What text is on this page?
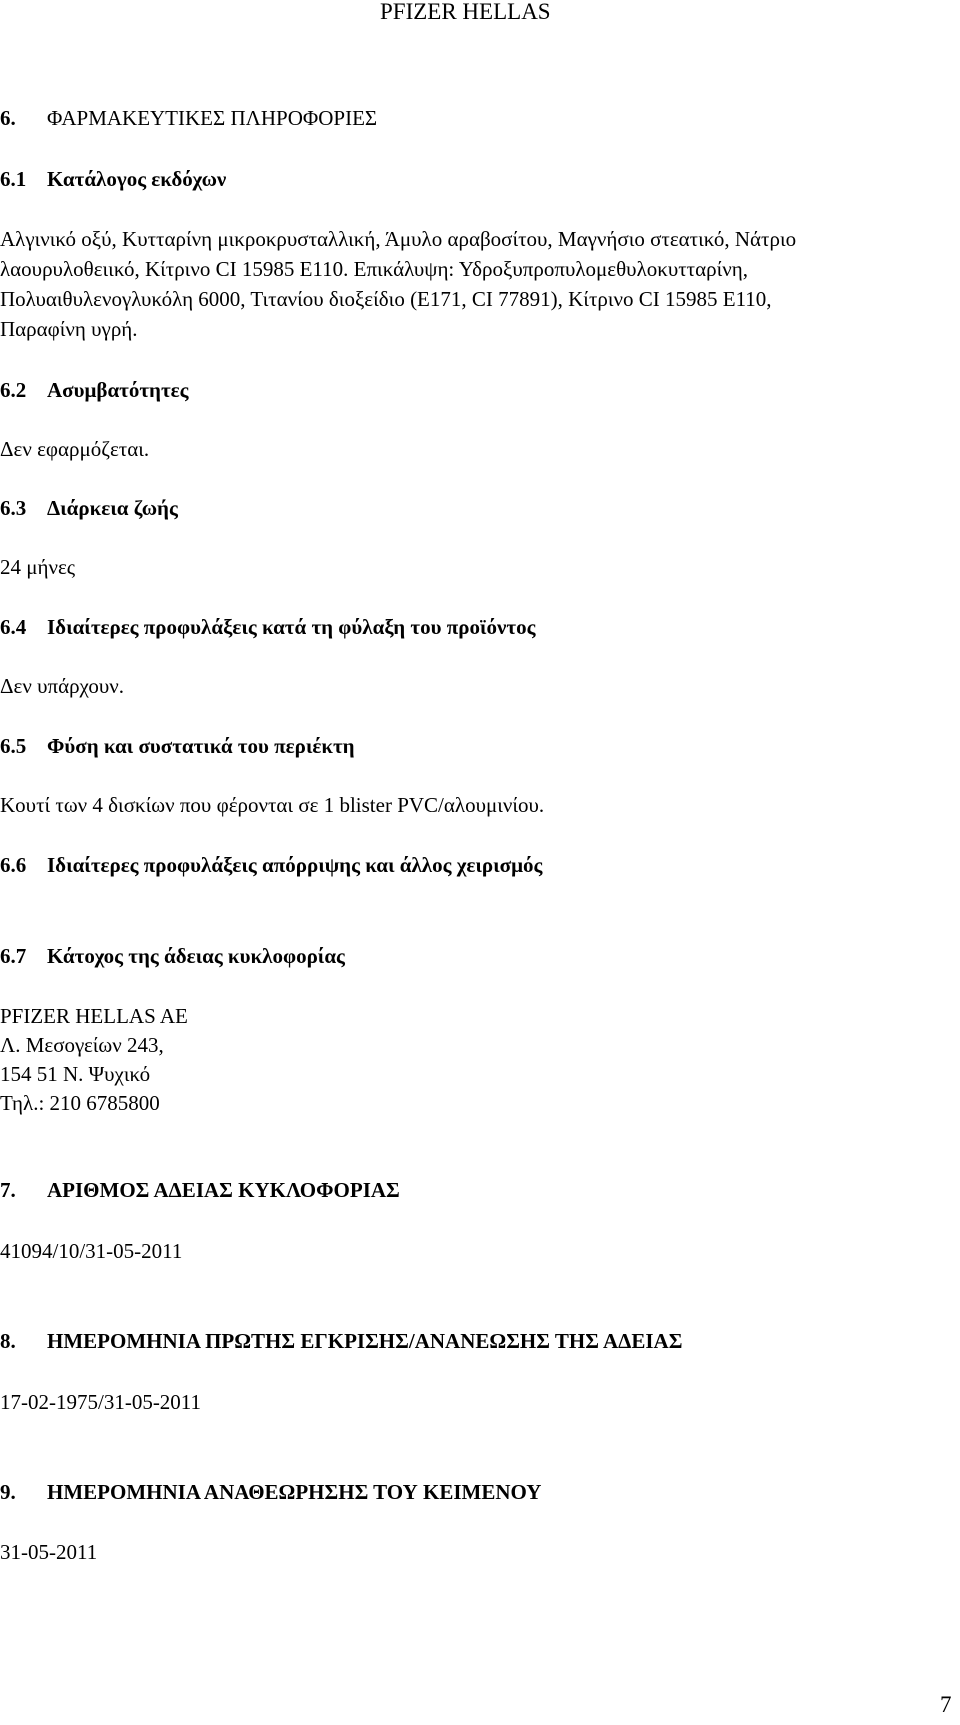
PFIZER HELLAS
6. ΦΑΡΜΑΚΕΥΤΙΚΕΣ ΠΛΗΡΟΦΟΡΙΕΣ
6.1 Κατάλογος εκδόχων
Αλγινικό οξύ, Κυτταρίνη μικροκρυσταλλική, Άμυλο αραβοσίτου, Μαγνήσιο στεατικό, Νάτριο
λαουρυλοθειικό, Κίτρινο CI 15985 E110. Επικάλυψη: Υδροξυπροπυλομεθυλοκυτταρίνη,
Πολυαιθυλενογλυκόλη 6000, Τιτανίου διοξείδιο (E171, CI 77891), Κίτρινο CI 15985 E110,
Παραφίνη υγρή.
6.2 Ασυμβατότητες
Δεν εφαρμόζεται.
6.3 Διάρκεια ζωής
24 μήνες
6.4 Ιδιαίτερες προφυλάξεις κατά τη φύλαξη του προϊόντος
Δεν υπάρχουν.
6.5 Φύση και συστατικά του περιέκτη
Κουτί των 4 δισκίων που φέρονται σε 1 blister PVC/αλουμινίου.
6.6 Ιδιαίτερες προφυλάξεις απόρριψης και άλλος χειρισμός
6.7 Κάτοχος της άδειας κυκλοφορίας
PFIZER HELLAS AE
Λ. Μεσογείων 243,
154 51 Ν. Ψυχικό
Τηλ.: 210 6785800
7. ΑΡΙΘΜΟΣ ΑΔΕΙΑΣ ΚΥΚΛΟΦΟΡΙΑΣ
41094/10/31-05-2011
8. ΗΜΕΡΟΜΗΝΙΑ ΠΡΩΤΗΣ ΕΓΚΡΙΣΗΣ/ΑΝΑΝΕΩΣΗΣ ΤΗΣ ΑΔΕΙΑΣ
17-02-1975/31-05-2011
9. ΗΜΕΡΟΜΗΝΙΑ ΑΝΑΘΕΩΡΗΣΗΣ ΤΟΥ ΚΕΙΜΕΝΟΥ
31-05-2011
7
